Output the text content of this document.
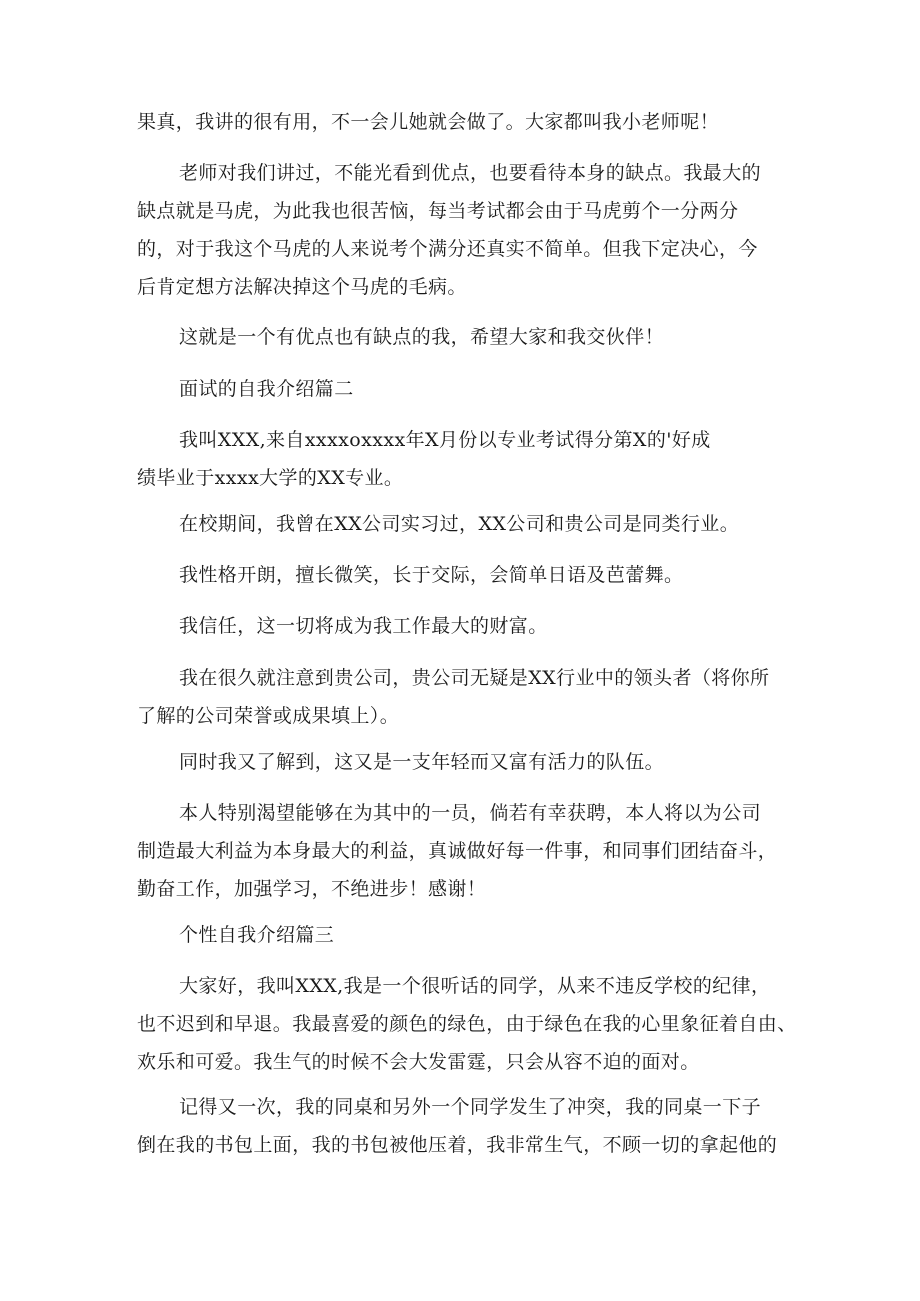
果真，我讲的很有用，不一会儿她就会做了。大家都叫我小老师呢！
老师对我们讲过，不能光看到优点，也要看待本身的缺点。我最大的
缺点就是马虎，为此我也很苦恼，每当考试都会由于马虎剪个一分两分
的，对于我这个马虎的人来说考个满分还真实不简单。但我下定决心，今
后肯定想方法解决掉这个马虎的毛病。
这就是一个有优点也有缺点的我，希望大家和我交伙伴！
面试的自我介绍篇二
我叫XXX,来自xxxxoxxxx年X月份以专业考试得分第X的'好成
绩毕业于xxxx大学的XX专业。
在校期间，我曾在XX公司实习过，XX公司和贵公司是同类行业。
我性格开朗，擅长微笑，长于交际，会简单日语及芭蕾舞。
我信任，这一切将成为我工作最大的财富。
我在很久就注意到贵公司，贵公司无疑是XX行业中的领头者（将你所
了解的公司荣誉或成果填上）。
同时我又了解到，这又是一支年轻而又富有活力的队伍。
本人特别渴望能够在为其中的一员，倘若有幸获聘，本人将以为公司
制造最大利益为本身最大的利益，真诚做好每一件事，和同事们团结奋斗，
勤奋工作，加强学习，不绝进步！感谢！
个性自我介绍篇三
大家好，我叫XXX,我是一个很听话的同学，从来不违反学校的纪律，
也不迟到和早退。我最喜爱的颜色的绿色，由于绿色在我的心里象征着自由、
欢乐和可爱。我生气的时候不会大发雷霆，只会从容不迫的面对。
记得又一次，我的同桌和另外一个同学发生了冲突，我的同桌一下子
倒在我的书包上面，我的书包被他压着，我非常生气，不顾一切的拿起他的
